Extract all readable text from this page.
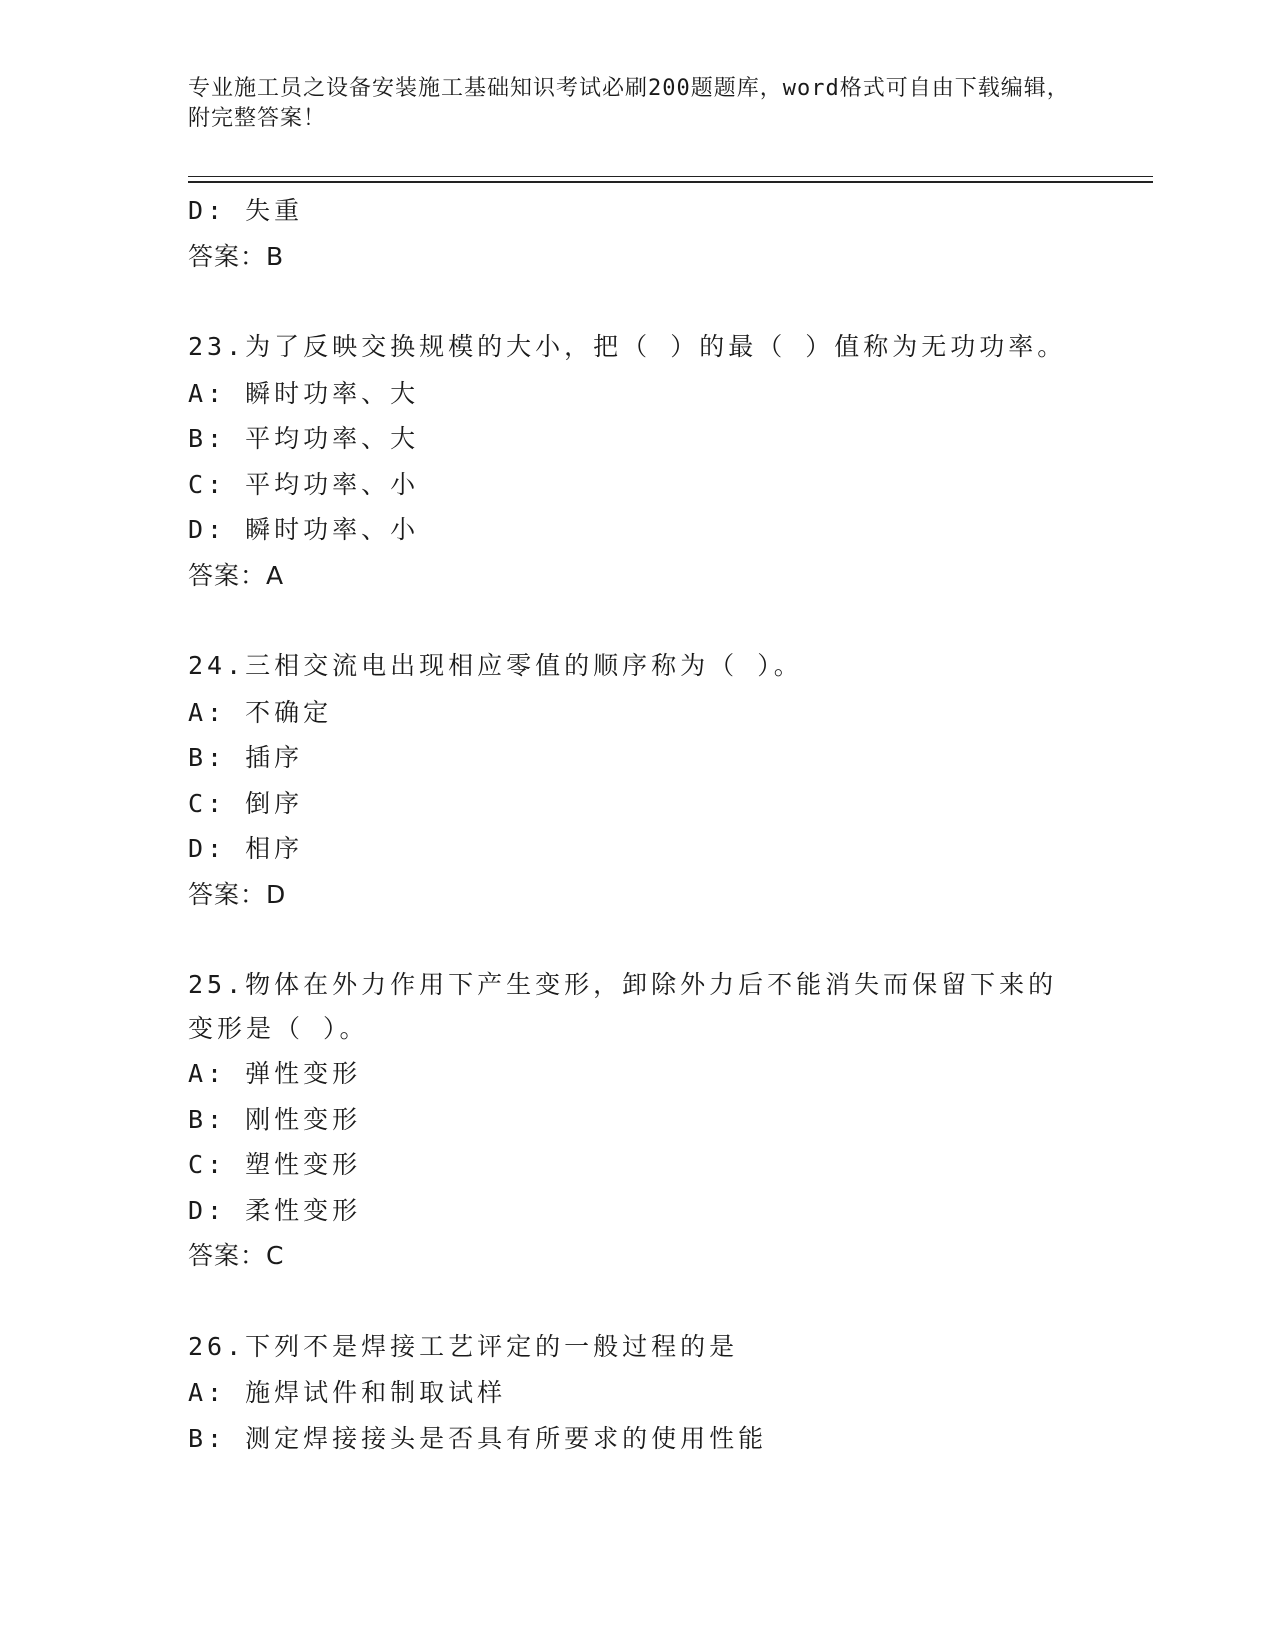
专业施工员之设备安装施工基础知识考试必刷200题题库，word格式可自由下载编辑，附完整答案！
D: 失重
答案：B
23.为了反映交换规模的大小，把（ ）的最（ ）值称为无功功率。
A: 瞬时功率、大
B: 平均功率、大
C: 平均功率、小
D: 瞬时功率、小
答案：A
24.三相交流电出现相应零值的顺序称为（ ）。
A: 不确定
B: 插序
C: 倒序
D: 相序
答案：D
25.物体在外力作用下产生变形，卸除外力后不能消失而保留下来的变形是（ ）。
A: 弹性变形
B: 刚性变形
C: 塑性变形
D: 柔性变形
答案：C
26.下列不是焊接工艺评定的一般过程的是
A: 施焊试件和制取试样
B: 测定焊接接头是否具有所要求的使用性能
